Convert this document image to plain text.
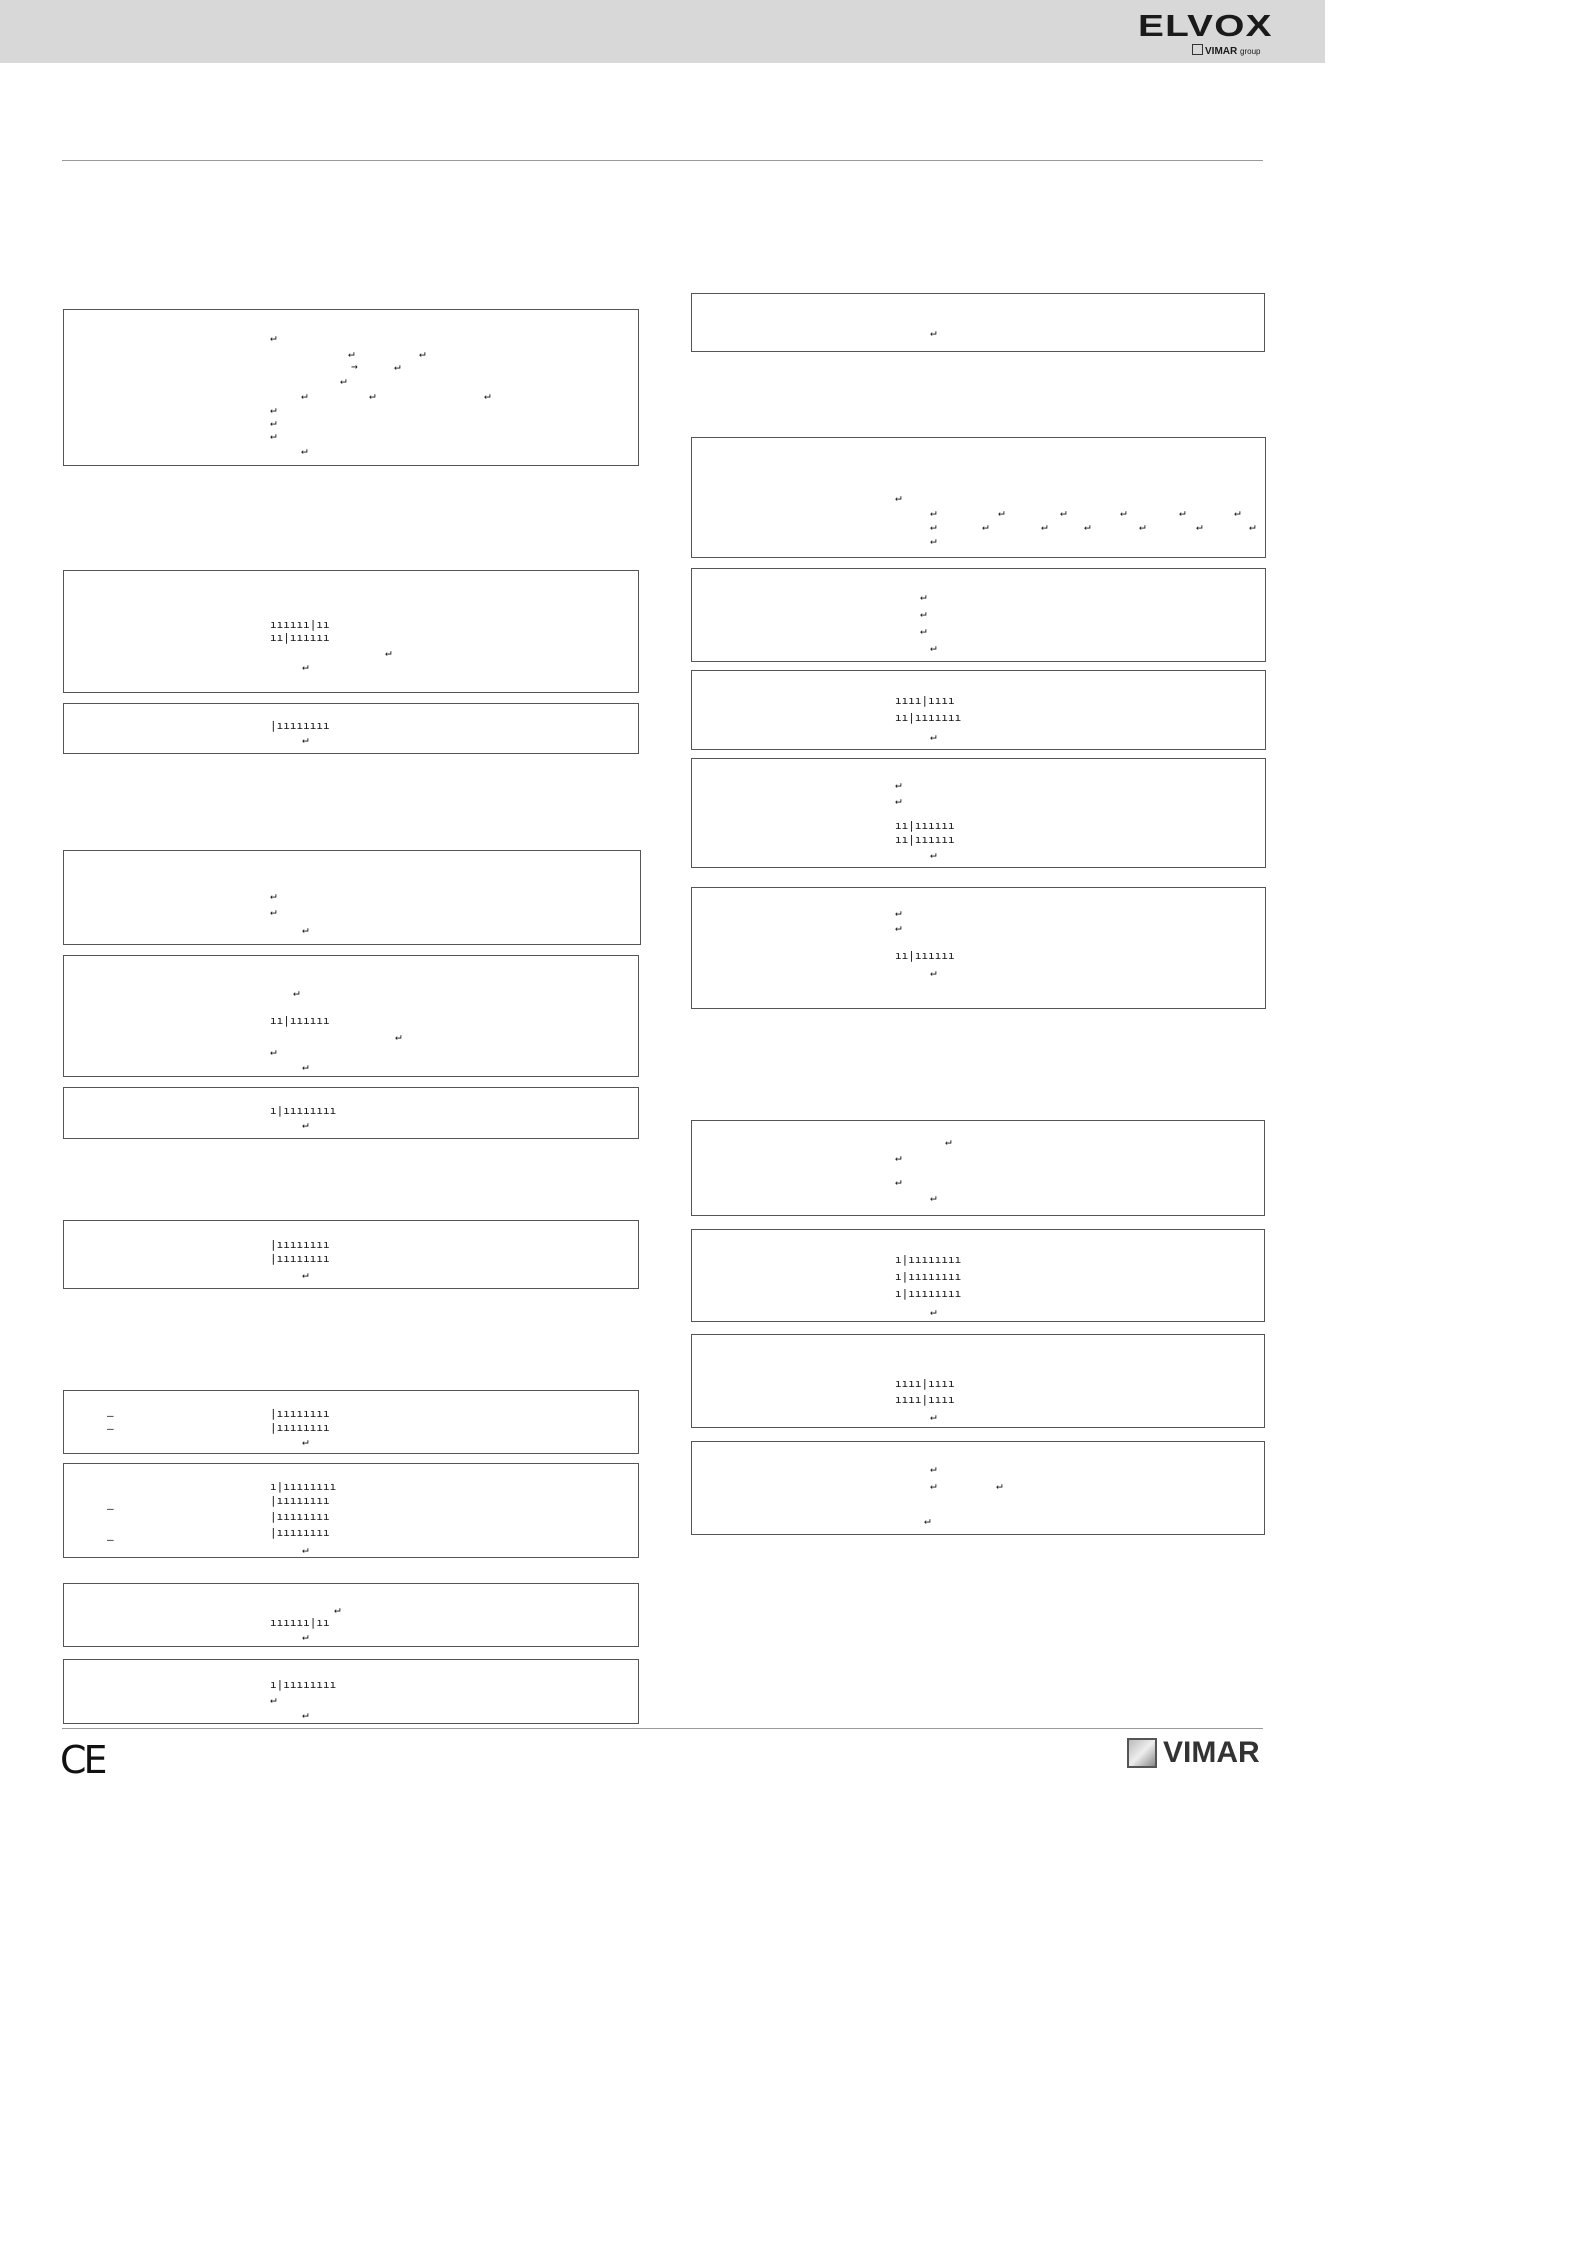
ELVOX
VIMAR group
↵
↵	↵
→	↵
↵
↵	↵	↵
↵
↵
↵
↵
ıııııı|ıı
ıı|ıııııı
↵
↵
|ıııııııı
↵
↵
↵
↵
↵
ıı|ıııııı
↵
↵
↵
ı|ıııııııı
↵
|ıııııııı
|ıııııııı
↵
–
–
|ıııııııı
|ıııııııı
↵
ı|ıııııııı
–
|ıııııııı
|ıııııııı
–
|ıııııııı
↵
↵
ıııııı|ıı
↵
ı|ıııııııı
↵
↵
↵
↵
↵	↵	↵	↵	↵	↵
↵	↵	↵	↵	↵	↵	↵
↵
↵
↵
↵
↵
ıııı|ıııı
ıı|ııııııı
↵
↵
↵
ıı|ıııııı
ıı|ıııııı
↵
↵
↵
ıı|ıııııı
↵
↵
↵
↵
↵
ı|ıııııııı
ı|ıııııııı
ı|ıııııııı
↵
ıııı|ıııı
ıııı|ıııı
↵
↵
↵	↵
↵
CE	VIMAR
